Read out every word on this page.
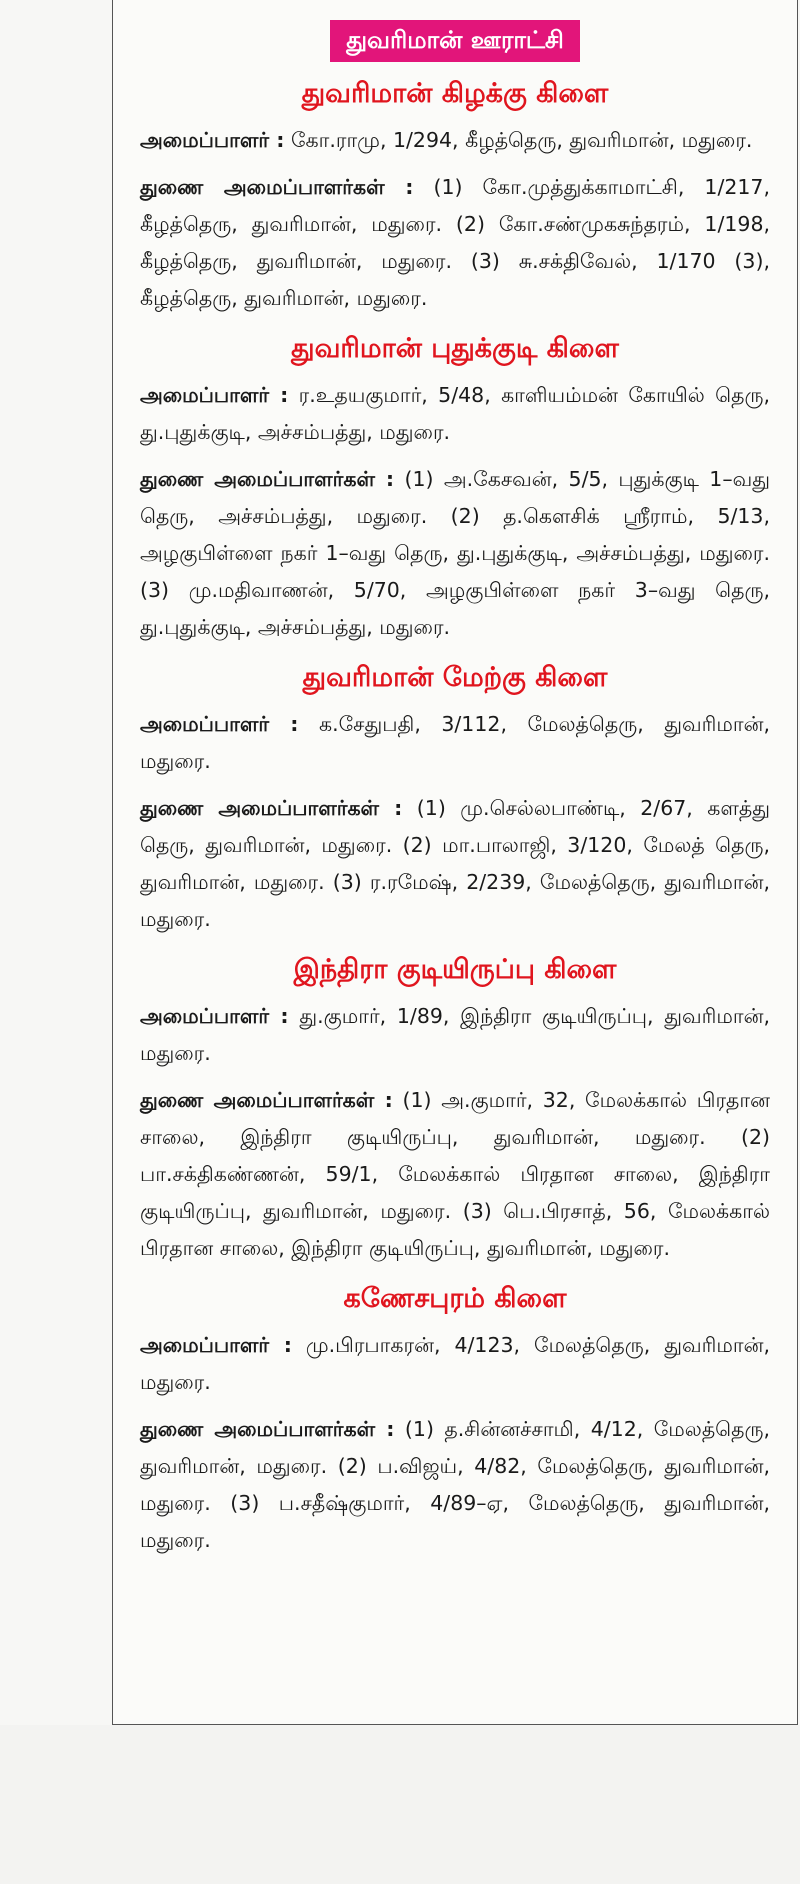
துவரிமான் ஊராட்சி
துவரிமான் கிழக்கு கிளை

அமைப்பாளர் : கோ.ராமு, 1/294, கீழத்தெரு, துவரிமான், மதுரை.

துணை அமைப்பாளர்கள் : (1) கோ.முத்துக்காமாட்சி, 1/217, கீழத்தெரு, துவரிமான், மதுரை. (2) கோ.சண்முகசுந்தரம், 1/198, கீழத்தெரு, துவரிமான், மதுரை. (3) சு.சக்திவேல், 1/170 (3), கீழத்தெரு, துவரிமான், மதுரை.

துவரிமான் புதுக்குடி கிளை

அமைப்பாளர் : ர.உதயகுமார், 5/48, காளியம்மன் கோயில் தெரு, து.புதுக்குடி, அச்சம்பத்து, மதுரை.

துணை அமைப்பாளர்கள் : (1) அ.கேசவன், 5/5, புதுக்குடி 1–வது தெரு, அச்சம்பத்து, மதுரை. (2) த.கௌசிக் ஸ்ரீராம், 5/13, அழகுபிள்ளை நகர் 1–வது தெரு, து.புதுக்குடி, அச்சம்பத்து, மதுரை. (3) மு.மதிவாணன், 5/70, அழகுபிள்ளை நகர் 3–வது தெரு, து.புதுக்குடி, அச்சம்பத்து, மதுரை.

துவரிமான் மேற்கு கிளை

அமைப்பாளர் : க.சேதுபதி, 3/112, மேலத்தெரு, துவரிமான், மதுரை.

துணை அமைப்பாளர்கள் : (1) மு.செல்லபாண்டி, 2/67, களத்து தெரு, துவரிமான், மதுரை. (2) மா.பாலாஜி, 3/120, மேலத் தெரு, துவரிமான், மதுரை. (3) ர.ரமேஷ், 2/239, மேலத்தெரு, துவரிமான், மதுரை.

இந்திரா குடியிருப்பு கிளை

அமைப்பாளர் : து.குமார், 1/89, இந்திரா குடியிருப்பு, துவரிமான், மதுரை.

துணை அமைப்பாளர்கள் : (1) அ.குமார், 32, மேலக்கால் பிரதான சாலை, இந்திரா குடியிருப்பு, துவரிமான், மதுரை. (2) பா.சக்திகண்ணன், 59/1, மேலக்கால் பிரதான சாலை, இந்திரா குடியிருப்பு, துவரிமான், மதுரை. (3) பெ.பிரசாத், 56, மேலக்கால் பிரதான சாலை, இந்திரா குடியிருப்பு, துவரிமான், மதுரை.

கணேசபுரம் கிளை

அமைப்பாளர் : மு.பிரபாகரன், 4/123, மேலத்தெரு, துவரிமான், மதுரை.

துணை அமைப்பாளர்கள் : (1) த.சின்னச்சாமி, 4/12, மேலத்தெரு, துவரிமான், மதுரை. (2) ப.விஜய், 4/82, மேலத்தெரு, துவரிமான், மதுரை. (3) ப.சதீஷ்குமார், 4/89–ஏ, மேலத்தெரு, துவரிமான், மதுரை.
